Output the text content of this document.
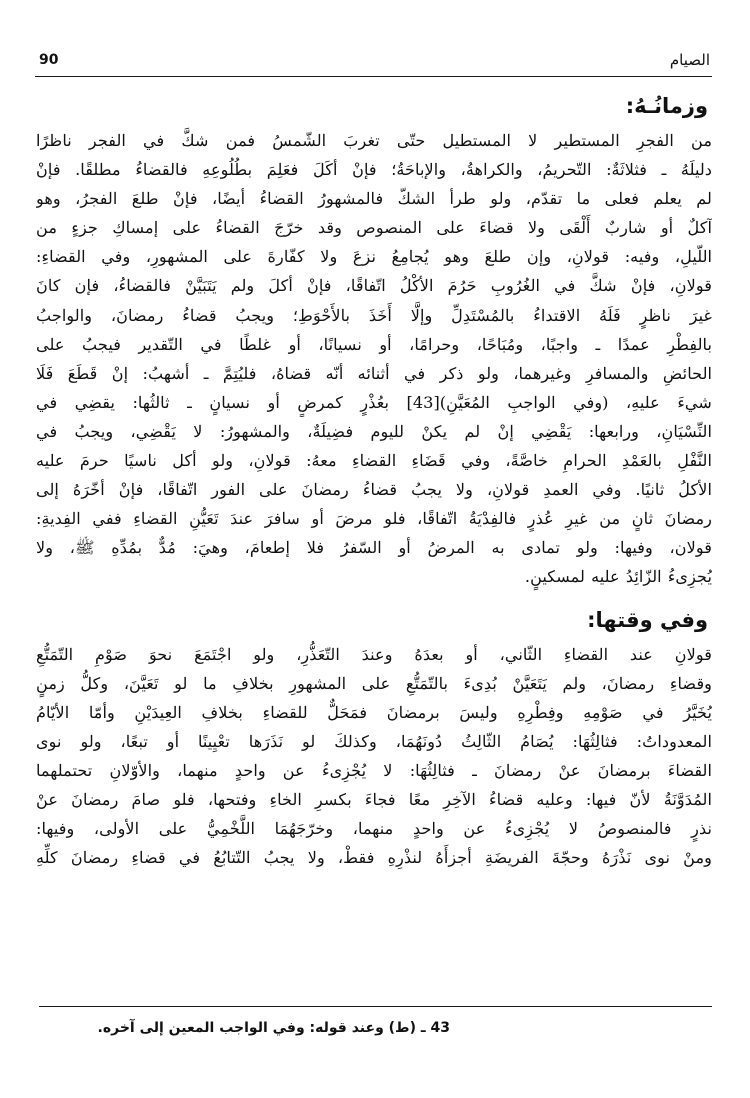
90	الصيام
وزمانُـهُ:
من الفجرِ المستطير لا المستطيل حتّى تغربَ الشّمسُ فمن شكَّ في الفجر ناظرًا
دليلَهُ ـ فثلاثَةٌ: التّحريمُ، والكراهةُ، والإباحَةُ؛ فإنْ أكَلَ فعَلِمَ بطُلُوعِهِ فالقضاءُ مطلقًا. فإنْ
لم يعلم فعلى ما تقدّم، ولو طرأ الشكّ فالمشهورُ القضاءُ أيضًا، فإنْ طلعَ الفجرُ، وهو
آكلٌ أو شاربٌ أَلْقَى ولا قضاءَ على المنصوص وقد خرّجَ القضاءُ على إمساكِ جزءٍ من
اللّيلِ، وفيه: قولانِ، وإن طلعَ وهو يُجامِعُ نزعَ ولا كفّارةَ على المشهورِ، وفي القضاءِ:
قولانِ، فإنْ شكَّ في الغُرُوبِ حَرُمَ الأكْلُ اتّفاقًا، فإنْ أكلَ ولم يَتَبَيَّنْ فالقضاءُ، فإن كانَ
غيرَ ناظرٍ فَلَهُ الاقتداءُ بالمُسْتَدِلِّ وإلَّا أَخَذَ بالأَحْوَطِ؛ ويجبُ قضاءُ رمضانَ، والواجبُ
بالفِطْرِ عمدًا ـ واجبًا، ومُبَاحًا، وحرامًا، أو نسيانًا، أو غلطًا في التّقدير فيجبُ على
الحائضِ والمسافرِ وغيرهما، ولو ذكر في أثنائه أنّه قضاهُ، فليُتِمَّ ـ أشهبُ: إنْ قَطَعَ فَلَا
شيءَ عليهِ، (وفي الواجبِ المُعَيَّنِ)[43] بعُذْرٍ كمرضٍ أو نسيانٍ ـ ثالثُها: يقضِي في
النِّسْيَانِ، ورابعها: يَقْضِي إنْ لم يكنْ لليوم فضِيلَةٌ، والمشهورُ: لا يَقْضِي، ويجبُ في
النَّفْلِ بالعَمْدِ الحرامِ خاصَّةً، وفي قَضَاءِ القضاءِ معهُ: قولانِ، ولو أكل ناسيًا حرمَ عليه
الأكلُ ثانيًا. وفي العمدِ قولانِ، ولا يجبُ قضاءُ رمضانَ على الفور اتّفاقًا، فإنْ أخّرَهُ إلى
رمضانَ ثانٍ من غيرِ عُذرٍ فالفِدْيَةُ اتّفاقًا، فلو مرضَ أو سافرَ عندَ تَعَيُّنِ القضاءِ ففي الفِديةِ:
قولان، وفيها: ولو تمادى به المرضُ أو السّفرُ فلا إطعامَ، وهيَ: مُدٌّ بمُدِّهِ ﷺ، ولا
يُجزِىءُ الزّائِدُ عليه لمسكينٍ.
وفي وقتها:
قولانِ عند القضاءِ الثّاني، أو بعدَهُ وعندَ التّعَذُّرِ، ولو اجْتَمَعَ نحوَ صَوْمِ التّمَتُّعِ
وقضاءِ رمضانَ، ولم يَتَعَيَّنْ بُدِىءَ بالتّمَتُّعِ على المشهورِ بخلافِ ما لو تَعَيَّنَ، وكلُّ زمنٍ
يُخَيَّرُ في صَوْمِهِ وفِطْرِهِ وليسَ برمضانَ فمَحَلٌّ للقضاءِ بخلافِ العِيدَيْنِ وأمّا الأيّامُ
المعدوداتُ: فثالِثُهَا: يُصَامُ الثّالِثُ دُونَهُمَا، وكذلكَ لو نَذَرَها تعْيِينًا أو تبعًا، ولو نوى
القضاءَ برمضانَ عنْ رمضانَ ـ فثالِثُهَا: لا يُجْزِىءُ عن واحدٍ منهما، والأوّلانِ تحتملهما
المُدَوَّنَةُ لأنّ فيها: وعليه قضاءُ الآخِرِ معًا فجاءَ بكسرِ الخاءِ وفتحها، فلو صامَ رمضانَ عنْ
نذرٍ فالمنصوصُ لا يُجْزِىءُ عن واحدٍ منهما، وخرّجَهُمَا اللَّخْمِيُّ على الأولى، وفيها:
ومنْ نوى نَذْرَهُ وحجّةَ الفريضَةِ أجزأَهُ لنذْرِهِ فقطْ، ولا يجبُ التّتابُعُ في قضاءِ رمضانَ كلِّهِ
43 ـ (ط) وعند قوله: وفي الواجب المعين إلى آخره.
